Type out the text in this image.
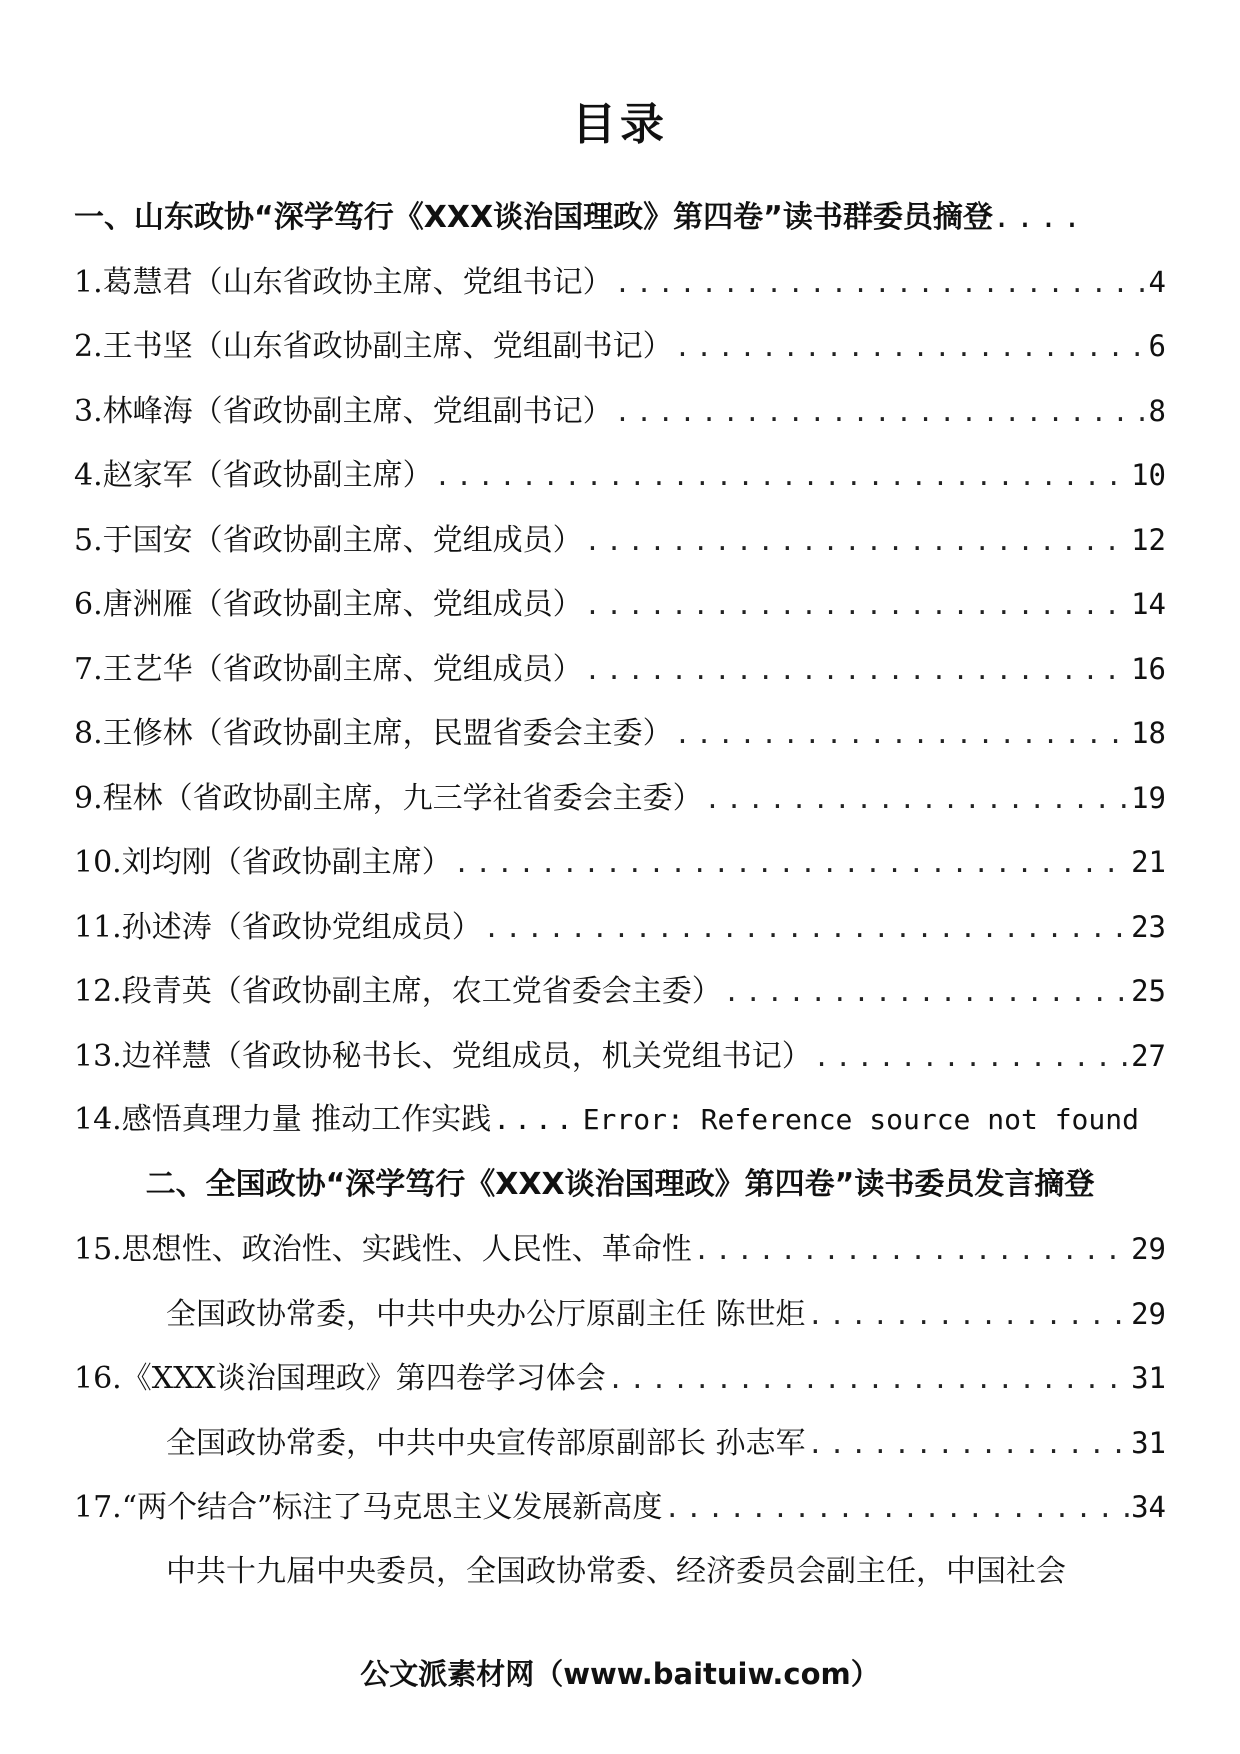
目录
一、山东政协“深学笃行《XXX谈治国理政》第四卷”读书群委员摘登 ....
1.葛慧君（山东省政协主席、党组书记） .....	4
2.王书坚（山东省政协副主席、党组副书记） .....	6
3.林峰海（省政协副主席、党组副书记） .....	8
4.赵家军（省政协副主席） .....	10
5.于国安（省政协副主席、党组成员） .....	12
6.唐洲雁（省政协副主席、党组成员） .....	14
7.王艺华（省政协副主席、党组成员） .....	16
8.王修林（省政协副主席，民盟省委会主委） .....	18
9.程林（省政协副主席，九三学社省委会主委） .....	19
10.刘均刚（省政协副主席） .....	21
11.孙述涛（省政协党组成员） .....	23
12.段青英（省政协副主席，农工党省委会主委） .....	25
13.边祥慧（省政协秘书长、党组成员，机关党组书记） .....	27
14.感悟真理力量 推动工作实践 .... Error: Reference source not found
二、全国政协“深学笃行《XXX谈治国理政》第四卷”读书委员发言摘登
15.思想性、政治性、实践性、人民性、革命性 .....	29
全国政协常委，中共中央办公厅原副主任 陈世炬 .....	29
16.《XXX谈治国理政》第四卷学习体会 .....	31
全国政协常委，中共中央宣传部原副部长 孙志军 .....	31
17.“两个结合”标注了马克思主义发展新高度 .....	34
中共十九届中央委员，全国政协常委、经济委员会副主任，中国社会
公文派素材网（www.baituiw.com）
